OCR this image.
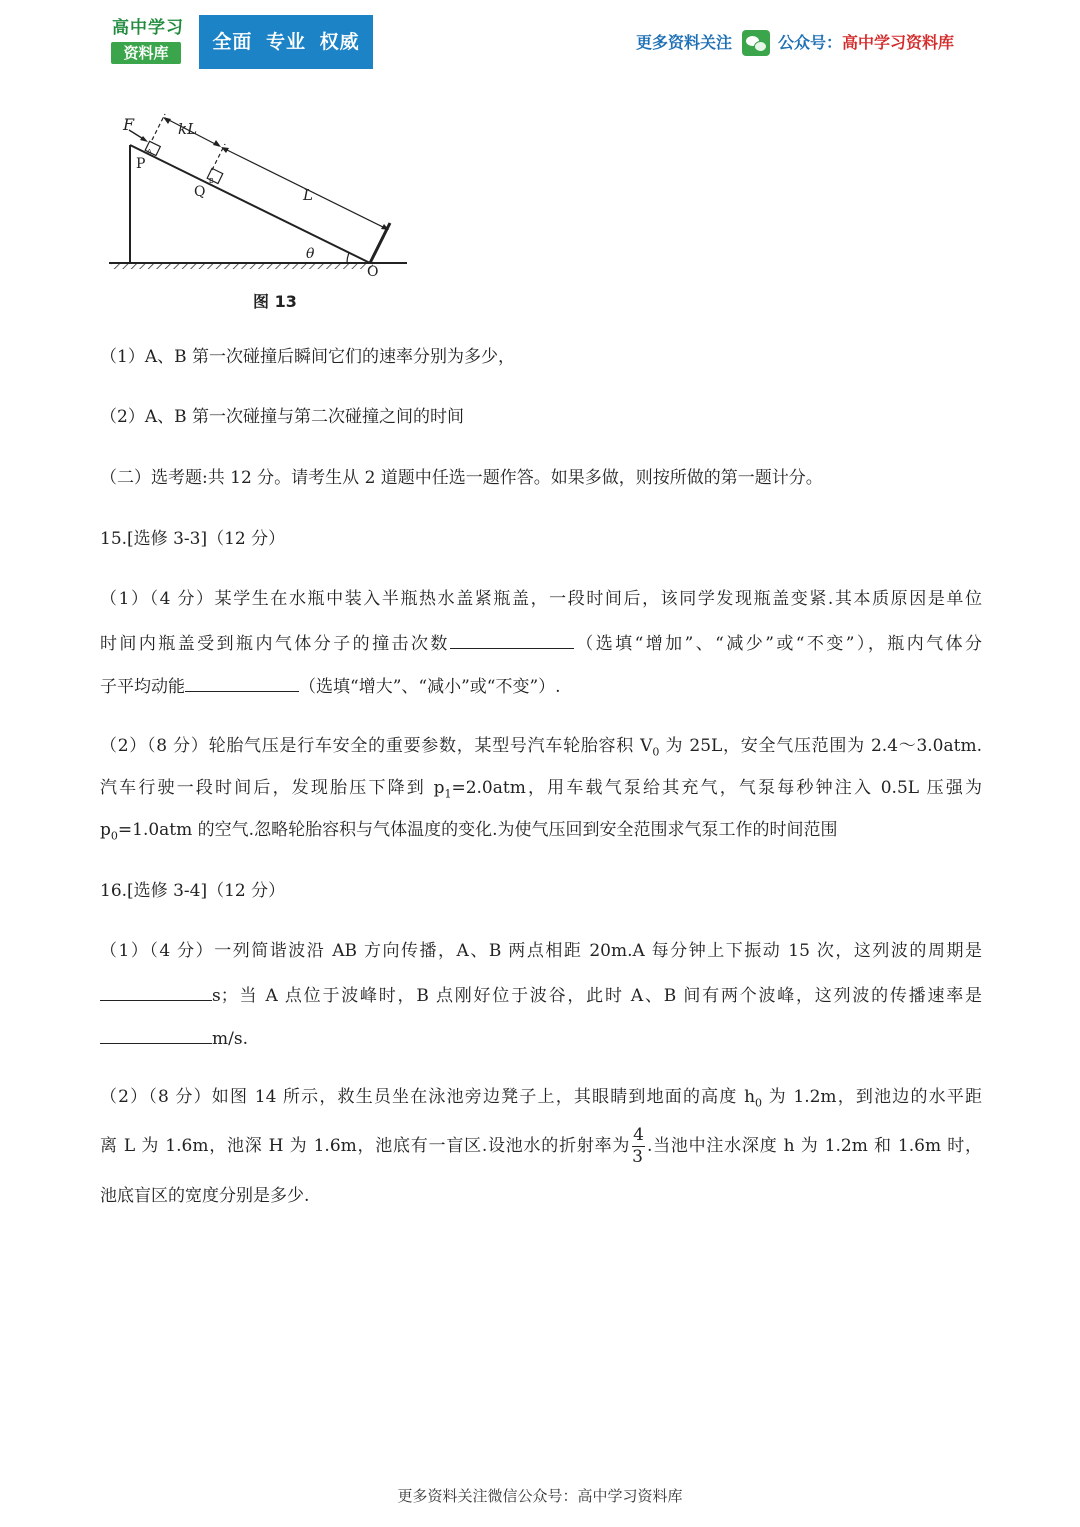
高中学习
资料库	全面 专业 权威	更多资料关注	公众号： 高中学习资料库
F	kL
P
Q	L
θ
O
A
B
图 13
（1）A、B 第一次碰撞后瞬间它们的速率分别为多少，
（2）A、B 第一次碰撞与第二次碰撞之间的时间
（二）选考题:共 12 分。请考生从 2 道题中任选一题作答。如果多做，则按所做的第一题计分。
15.[选修 3-3]（12 分）
（1）（4 分）某学生在水瓶中装入半瓶热水盖紧瓶盖，一段时间后，该同学发现瓶盖变紧.其本质原因是单位
时间内瓶盖受到瓶内气体分子的撞击次数	（选填“增加”、“减少”或“不变”），瓶内气体分
子平均动能	（选填“增大”、“减小”或“不变”）.
（2）（8 分）轮胎气压是行车安全的重要参数，某型号汽车轮胎容积 $V_0$ 为 25L，安全气压范围为 2.4～3.0atm.
汽车行驶一段时间后，发现胎压下降到 $p_1=2.0atm$，用车载气泵给其充气，气泵每秒钟注入 0.5L 压强为
$p_0=1.0atm$ 的空气.忽略轮胎容积与气体温度的变化.为使气压回到安全范围求气泵工作的时间范围
16.[选修 3-4]（12 分）
（1）（4 分）一列简谐波沿 AB 方向传播，A、B 两点相距 20m.A 每分钟上下振动 15 次，这列波的周期是
s；当 A 点位于波峰时，B 点刚好位于波谷，此时 A、B 间有两个波峰，这列波的传播速率是
m/s.
（2）（8 分）如图 14 所示，救生员坐在泳池旁边凳子上，其眼睛到地面的高度 $h_0$ 为 1.2m，到池边的水平距
离 L 为 1.6m，池深 H 为 1.6m，池底有一盲区.设池水的折射率为 $\frac{4}{3}$ .当池中注水深度 h 为 1.2m 和 1.6m 时，
池底盲区的宽度分别是多少.
更多资料关注微信公众号：高中学习资料库
